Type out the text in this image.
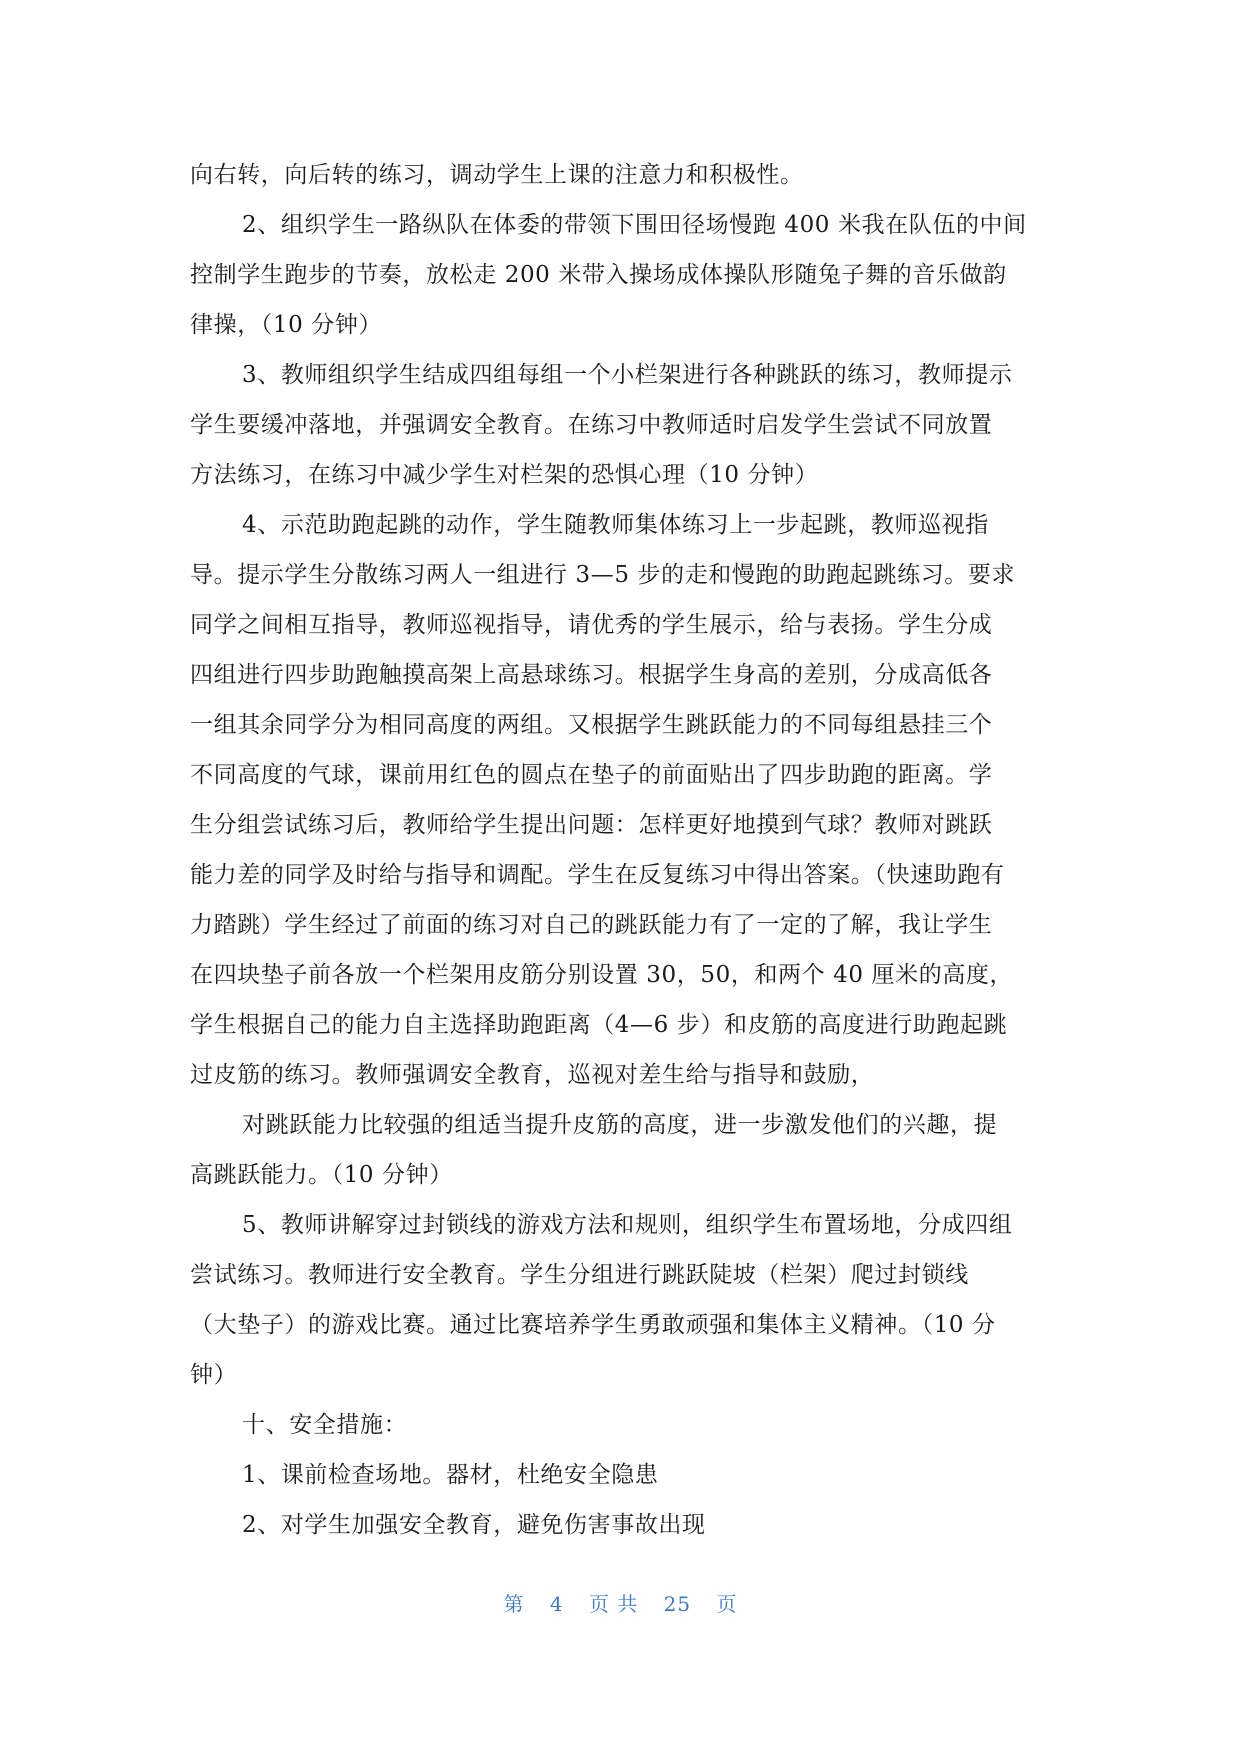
向右转，向后转的练习，调动学生上课的注意力和积极性。
2、组织学生一路纵队在体委的带领下围田径场慢跑 400 米我在队伍的中间
控制学生跑步的节奏，放松走 200 米带入操场成体操队形随兔子舞的音乐做韵
律操，（10 分钟）
3、教师组织学生结成四组每组一个小栏架进行各种跳跃的练习，教师提示
学生要缓冲落地，并强调安全教育。在练习中教师适时启发学生尝试不同放置
方法练习，在练习中减少学生对栏架的恐惧心理（10 分钟）
4、示范助跑起跳的动作，学生随教师集体练习上一步起跳，教师巡视指
导。提示学生分散练习两人一组进行 3—5 步的走和慢跑的助跑起跳练习。要求
同学之间相互指导，教师巡视指导，请优秀的学生展示，给与表扬。学生分成
四组进行四步助跑触摸高架上高悬球练习。根据学生身高的差别，分成高低各
一组其余同学分为相同高度的两组。又根据学生跳跃能力的不同每组悬挂三个
不同高度的气球，课前用红色的圆点在垫子的前面贴出了四步助跑的距离。学
生分组尝试练习后，教师给学生提出问题：怎样更好地摸到气球？教师对跳跃
能力差的同学及时给与指导和调配。学生在反复练习中得出答案。（快速助跑有
力踏跳）学生经过了前面的练习对自己的跳跃能力有了一定的了解，我让学生
在四块垫子前各放一个栏架用皮筋分别设置 30，50，和两个 40 厘米的高度，
学生根据自己的能力自主选择助跑距离（4—6 步）和皮筋的高度进行助跑起跳
过皮筋的练习。教师强调安全教育，巡视对差生给与指导和鼓励，
对跳跃能力比较强的组适当提升皮筋的高度，进一步激发他们的兴趣，提
高跳跃能力。（10 分钟）
5、教师讲解穿过封锁线的游戏方法和规则，组织学生布置场地，分成四组
尝试练习。教师进行安全教育。学生分组进行跳跃陡坡（栏架）爬过封锁线
（大垫子）的游戏比赛。通过比赛培养学生勇敢顽强和集体主义精神。（10 分
钟）
十、安全措施：
1、课前检查场地。器材，杜绝安全隐患
2、对学生加强安全教育，避免伤害事故出现
第 4 页 共 25 页
